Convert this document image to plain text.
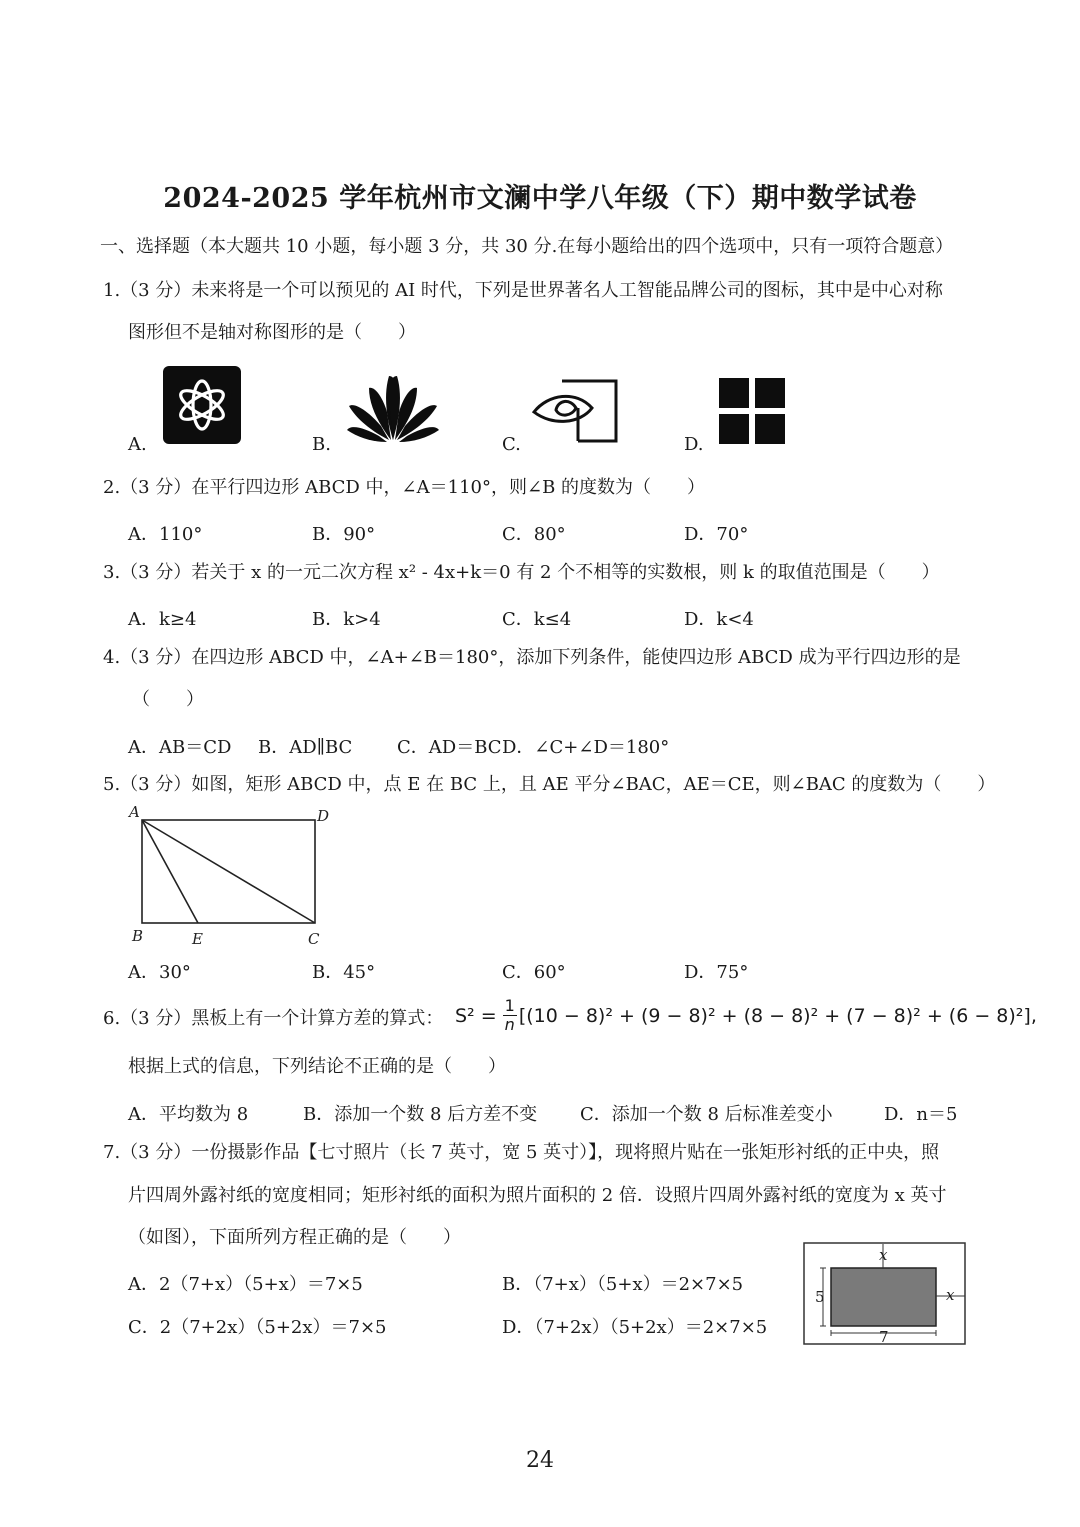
2024-2025 学年杭州市文澜中学八年级（下）期中数学试卷
一、选择题（本大题共 10 小题，每小题 3 分，共 30 分.在每小题给出的四个选项中，只有一项符合题意）
1.（3 分）未来将是一个可以预见的 AI 时代，下列是世界著名人工智能品牌公司的图标，其中是中心对称
图形但不是轴对称图形的是（　　）
A.	B.	C.	D.
2.（3 分）在平行四边形 ABCD 中，∠A＝110°，则∠B 的度数为（　　）
A．110°	B．90°	C．80°	D．70°
3.（3 分）若关于 x 的一元二次方程 x² - 4x+k＝0 有 2 个不相等的实数根，则 k 的取值范围是（　　）
A．k≥4	B．k>4	C．k≤4	D．k<4
4.（3 分）在四边形 ABCD 中，∠A+∠B＝180°，添加下列条件，能使四边形 ABCD 成为平行四边形的是
（　　）
A．AB＝CD B．AD∥BC C．AD＝BC D．∠C+∠D＝180°
5.（3 分）如图，矩形 ABCD 中，点 E 在 BC 上，且 AE 平分∠BAC，AE＝CE，则∠BAC 的度数为（　　）
A	D
B	E	C
A．30°	B．45°	C．60°	D．75°
6.（3 分）黑板上有一个计算方差的算式： $S^2 = \frac{1}{n} [(10 - 8)^2 + (9 - 8)^2 + (8 - 8)^2 + (7 - 8)^2 + (6 - 8)^2]$,
根据上式的信息，下列结论不正确的是（　　）
A．平均数为 8	B．添加一个数 8 后方差不变 C．添加一个数 8 后标准差变小	D．n＝5
7.（3 分）一份摄影作品【七寸照片（长 7 英寸，宽 5 英寸）】，现将照片贴在一张矩形衬纸的正中央，照
片四周外露衬纸的宽度相同；矩形衬纸的面积为照片面积的 2 倍．设照片四周外露衬纸的宽度为 x 英寸
（如图），下面所列方程正确的是（　　）
A．2（7+x）（5+x）＝7×5	B．（7+x）（5+x）＝2×7×5
C．2（7+2x）（5+2x）＝7×5	D．（7+2x）（5+2x）＝2×7×5
x
5	x
7
24
